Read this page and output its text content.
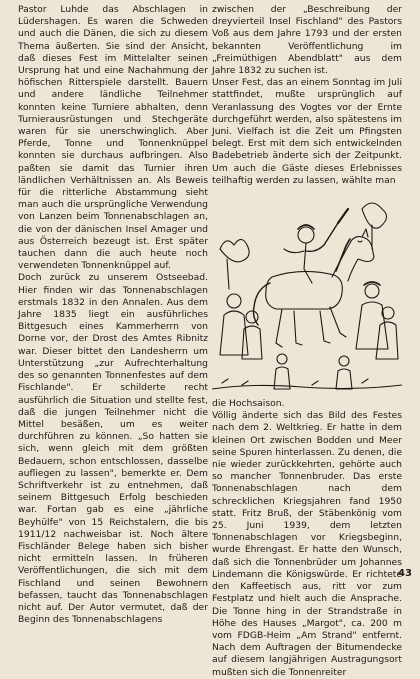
Pastor Luhde das Abschlagen in Lüdershagen. Es waren die Schweden und auch die Dänen, die sich zu diesem Thema äußerten. Sie sind der Ansicht, daß dieses Fest im Mittelalter seinen Ursprung hat und eine Nachahmung der höfischen Ritterspiele darstellt. Bauern und andere ländliche Teilnehmer konnten keine Turniere abhalten, denn Turnierausrüstungen und Stechgeräte waren für sie unerschwinglich. Aber Pferde, Tonne und Tonnenknüppel konnten sie durchaus aufbringen. Also paßten sie damit das Turnier ihren ländlichen Verhältnissen an. Als Beweis für die ritterliche Abstammung sieht man auch die ursprüngliche Verwendung von Lanzen beim Tonnenabschlagen an, die von der dänischen Insel Amager und aus Österreich bezeugt ist. Erst später tauchen dann die auch heute noch verwendeten Tonnenknüppel auf.

Doch zurück zu unserem Ostseebad. Hier finden wir das Tonnenabschlagen erstmals 1832 in den Annalen. Aus dem Jahre 1835 liegt ein ausführliches Bittgesuch eines Kammerherrn von Dorne vor, der Drost des Amtes Ribnitz war. Dieser bittet den Landesherrn um Unterstützung „zur Aufrechterhaltung des so genannten Tonnenfestes auf dem Fischlande". Er schilderte recht ausführlich die Situation und stellte fest, daß die jungen Teilnehmer nicht die Mittel besäßen, um es weiter durchführen zu können. „So hatten sie sich, wenn gleich mit dem größten Bedauern, schon entschlossen, dasselbe aufliegen zu lassen", bemerkte er. Dem Schriftverkehr ist zu entnehmen, daß seinem Bittgesuch Erfolg beschieden war. Fortan gab es eine „jährliche Beyhülfe" von 15 Reichstalern, die bis 1911/12 nachweisbar ist. Noch ältere Fischländer Belege haben sich bisher nicht ermitteln lassen. In früheren Veröffentlichungen, die sich mit dem Fischland und seinen Bewohnern befassen, taucht das Tonnenabschlagen nicht auf. Der Autor vermutet, daß der Beginn des Tonnenabschlagens

zwischen der „Beschreibung der dreyvierteil Insel Fischland" des Pastors Voß aus dem Jahre 1793 und der ersten bekannten Veröffentlichung im „Freimüthigen Abendblatt" aus dem Jahre 1832 zu suchen ist.

Unser Fest, das an einem Sonntag im Juli stattfindet, mußte ursprünglich auf Veranlassung des Vogtes vor der Ernte durchgeführt werden, also spätestens im Juni. Vielfach ist die Zeit um Pfingsten belegt. Erst mit dem sich entwickelnden Badebetrieb änderte sich der Zeitpunkt. Um auch die Gäste dieses Erlebnisses teilhaftig werden zu lassen, wählte man

die Hochsaison.

Völlig änderte sich das Bild des Festes nach dem 2. Weltkrieg. Er hatte in dem kleinen Ort zwischen Bodden und Meer seine Spuren hinterlassen. Zu denen, die nie wieder zurückkehrten, gehörte auch so mancher Tonnenbruder. Das erste Tonnenabschlagen nach dem schrecklichen Kriegsjahren fand 1950 statt. Fritz Bruß, der Stäbenkönig vom 25. Juni 1939, dem letzten Tonnenabschlagen vor Kriegsbeginn, wurde Ehrengast. Er hatte den Wunsch, daß sich die Tonnenbrüder um Johannes Lindemann die Königswürde. Er richtete den Kaffeetisch aus, ritt vor zum Festplatz und hielt auch die Ansprache. Die Tonne hing in der Strandstraße in Höhe des Hauses „Margot", ca. 200 m vom FDGB-Heim „Am Strand" entfernt. Nach dem Auftragen der Bitumendecke auf diesem langjährigen Austragungsort mußten sich die Tonnenreiter

43
